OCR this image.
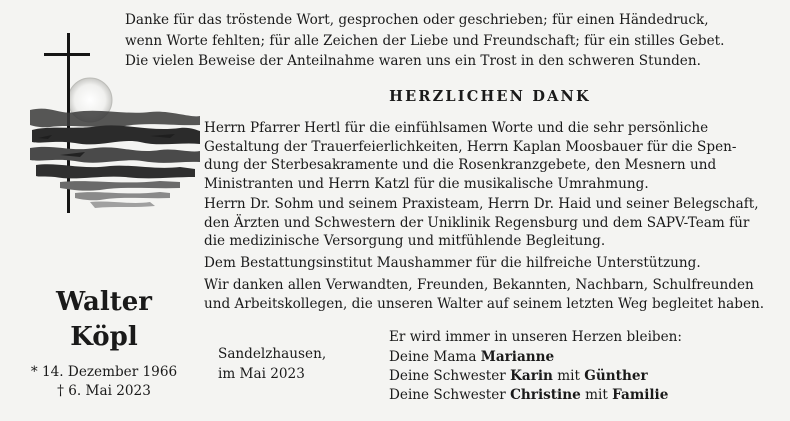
Danke für das tröstende Wort, gesprochen oder geschrieben; für einen Händedruck,
wenn Worte fehlten; für alle Zeichen der Liebe und Freundschaft; für ein stilles Gebet.
Die vielen Beweise der Anteilnahme waren uns ein Trost in den schweren Stunden.
HERZLICHEN DANK
Herrn Pfarrer Hertl für die einfühlsamen Worte und die sehr persönliche
Gestaltung der Trauerfeierlichkeiten, Herrn Kaplan Moosbauer für die Spen-
dung der Sterbesakramente und die Rosenkranzgebete, den Mesnern und
Ministranten und Herrn Katzl für die musikalische Umrahmung.
Herrn Dr. Sohm und seinem Praxisteam, Herrn Dr. Haid und seiner Belegschaft,
den Ärzten und Schwestern der Uniklinik Regensburg und dem SAPV-Team für
die medizinische Versorgung und mitfühlende Begleitung.
Dem Bestattungsinstitut Maushammer für die hilfreiche Unterstützung.
Wir danken allen Verwandten, Freunden, Bekannten, Nachbarn, Schulfreunden
und Arbeitskollegen, die unseren Walter auf seinem letzten Weg begleitet haben.
Walter
Köpl
* 14. Dezember 1966
† 6. Mai 2023
Sandelzhausen,
im Mai 2023
Er wird immer in unseren Herzen bleiben:
Deine Mama Marianne
Deine Schwester Karin mit Günther
Deine Schwester Christine mit Familie
